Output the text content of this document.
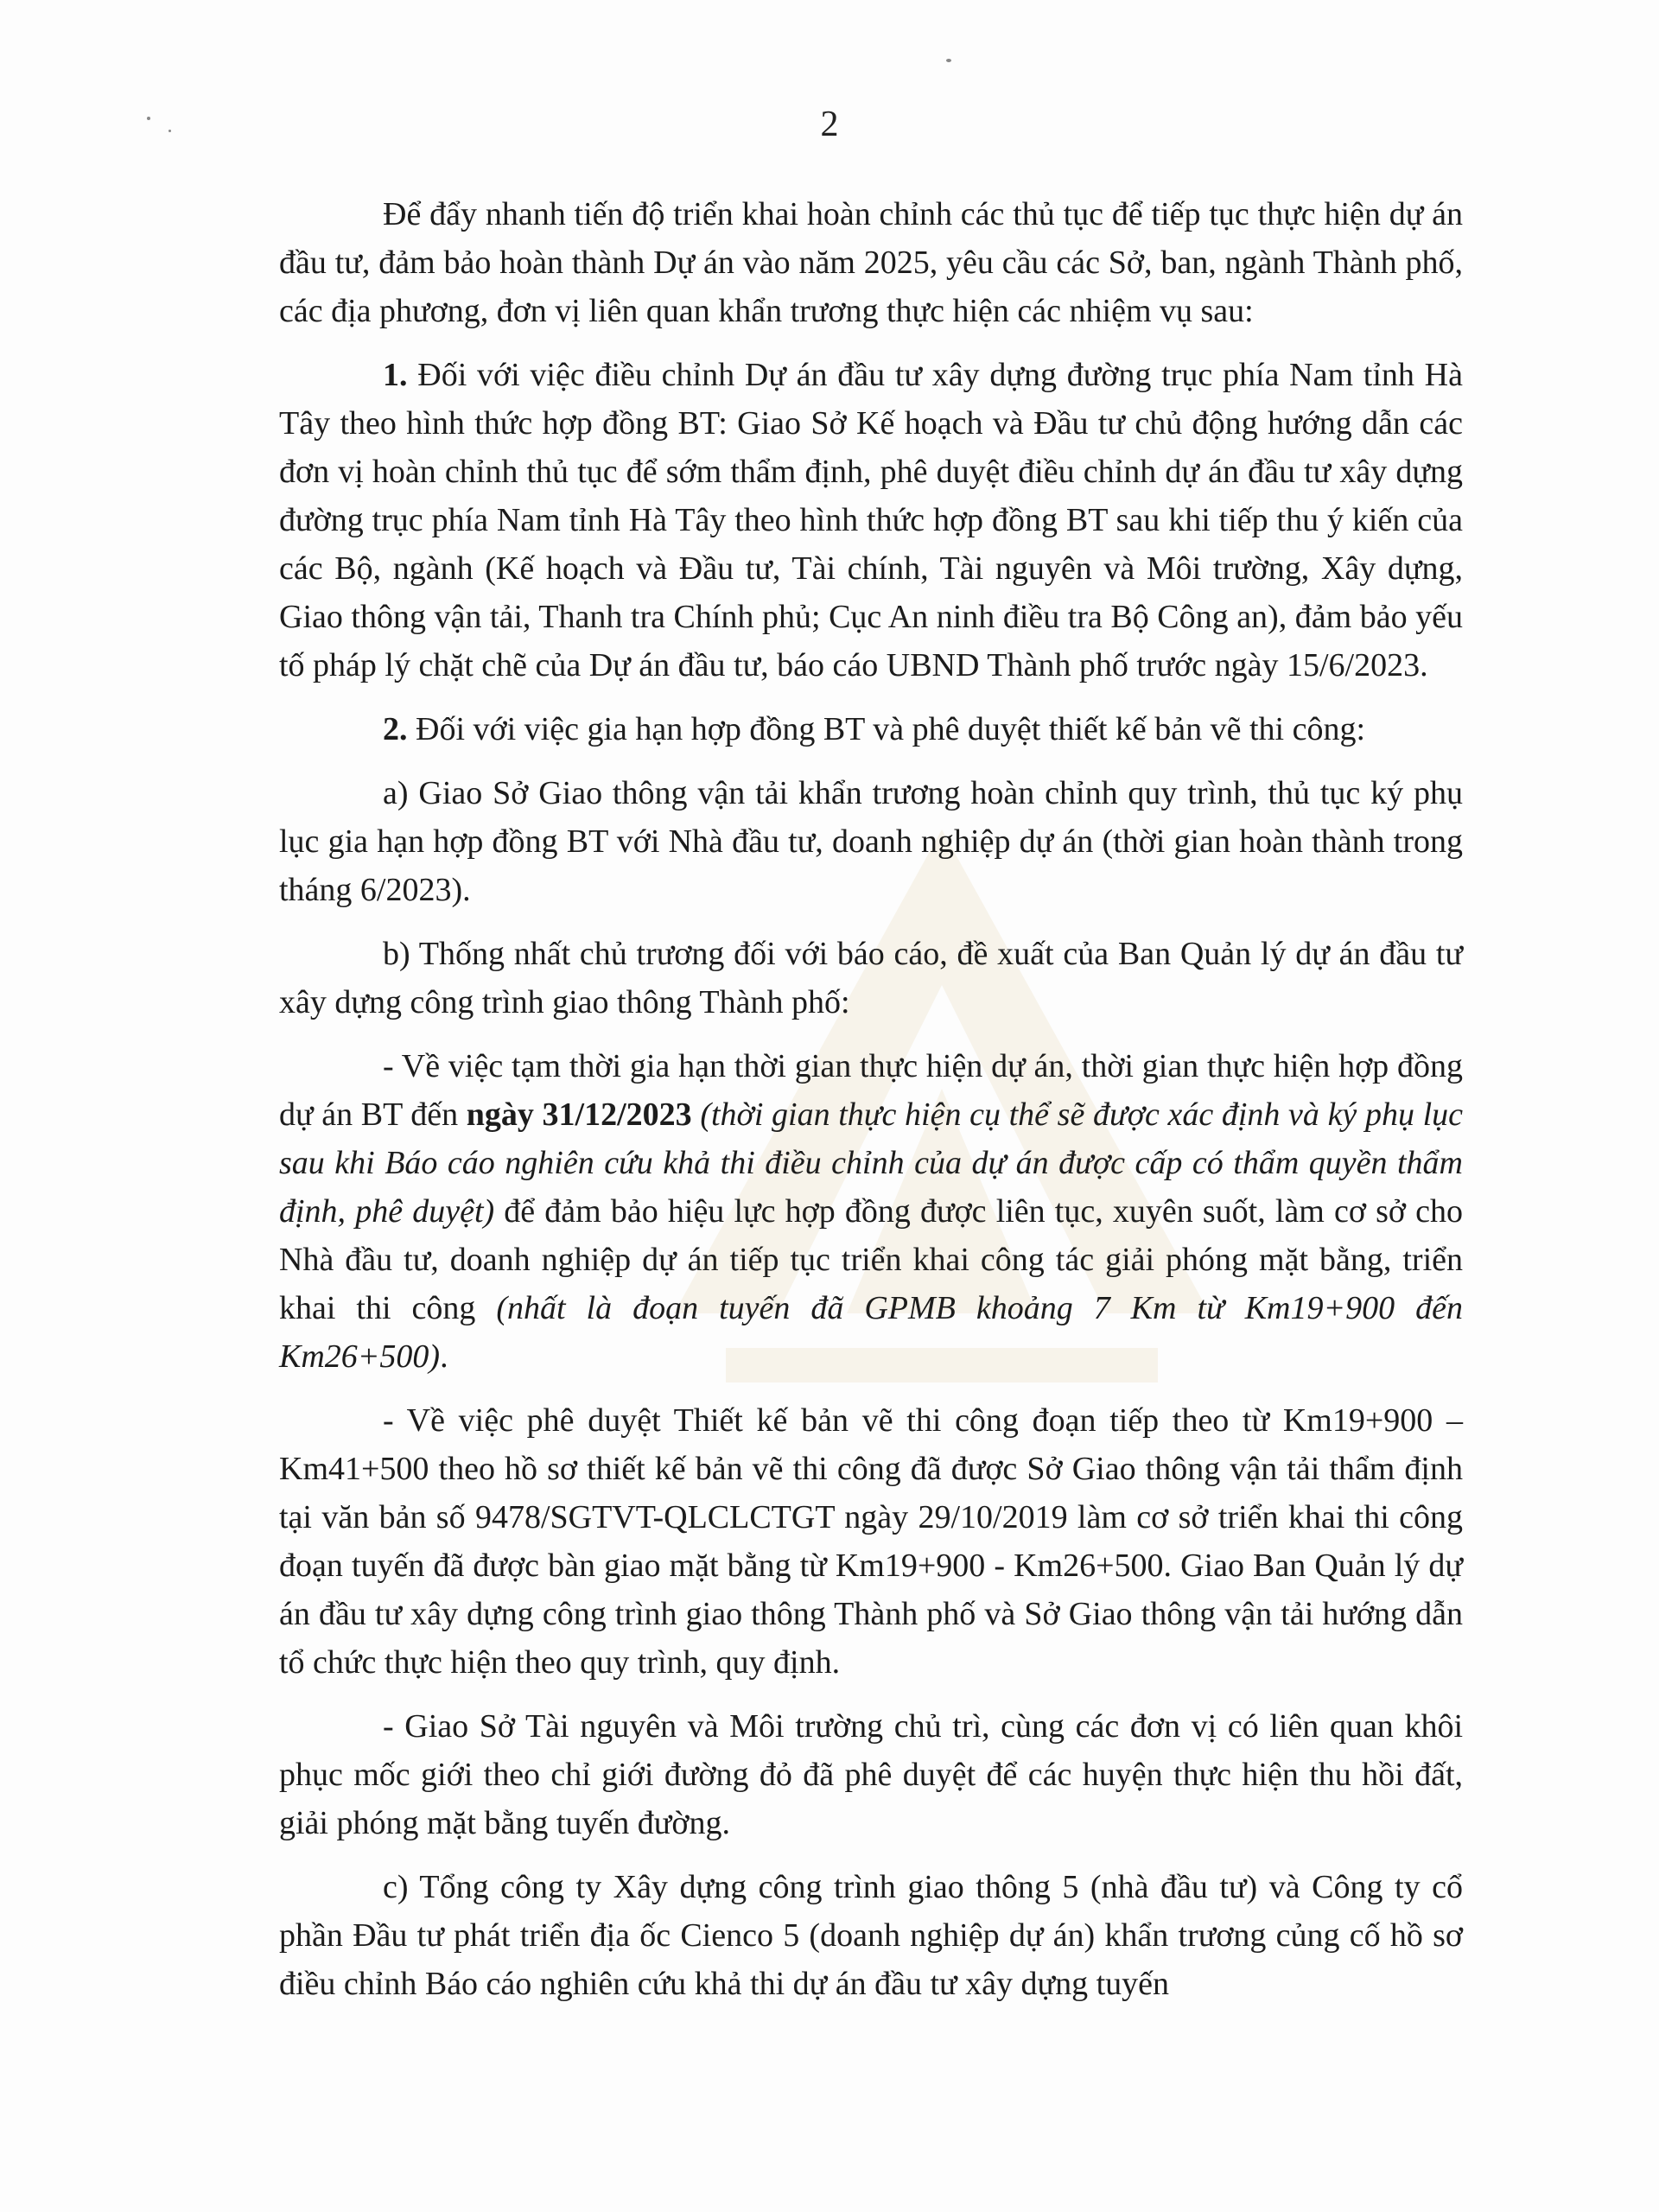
2

Để đẩy nhanh tiến độ triển khai hoàn chỉnh các thủ tục để tiếp tục thực hiện dự án đầu tư, đảm bảo hoàn thành Dự án vào năm 2025, yêu cầu các Sở, ban, ngành Thành phố, các địa phương, đơn vị liên quan khẩn trương thực hiện các nhiệm vụ sau:

1. Đối với việc điều chỉnh Dự án đầu tư xây dựng đường trục phía Nam tỉnh Hà Tây theo hình thức hợp đồng BT: Giao Sở Kế hoạch và Đầu tư chủ động hướng dẫn các đơn vị hoàn chỉnh thủ tục để sớm thẩm định, phê duyệt điều chỉnh dự án đầu tư xây dựng đường trục phía Nam tỉnh Hà Tây theo hình thức hợp đồng BT sau khi tiếp thu ý kiến của các Bộ, ngành (Kế hoạch và Đầu tư, Tài chính, Tài nguyên và Môi trường, Xây dựng, Giao thông vận tải, Thanh tra Chính phủ; Cục An ninh điều tra Bộ Công an), đảm bảo yếu tố pháp lý chặt chẽ của Dự án đầu tư, báo cáo UBND Thành phố trước ngày 15/6/2023.

2. Đối với việc gia hạn hợp đồng BT và phê duyệt thiết kế bản vẽ thi công:

a) Giao Sở Giao thông vận tải khẩn trương hoàn chỉnh quy trình, thủ tục ký phụ lục gia hạn hợp đồng BT với Nhà đầu tư, doanh nghiệp dự án (thời gian hoàn thành trong tháng 6/2023).

b) Thống nhất chủ trương đối với báo cáo, đề xuất của Ban Quản lý dự án đầu tư xây dựng công trình giao thông Thành phố:

- Về việc tạm thời gia hạn thời gian thực hiện dự án, thời gian thực hiện hợp đồng dự án BT đến ngày 31/12/2023 (thời gian thực hiện cụ thể sẽ được xác định và ký phụ lục sau khi Báo cáo nghiên cứu khả thi điều chỉnh của dự án được cấp có thẩm quyền thẩm định, phê duyệt) để đảm bảo hiệu lực hợp đồng được liên tục, xuyên suốt, làm cơ sở cho Nhà đầu tư, doanh nghiệp dự án tiếp tục triển khai công tác giải phóng mặt bằng, triển khai thi công (nhất là đoạn tuyến đã GPMB khoảng 7 Km từ Km19+900 đến Km26+500).

- Về việc phê duyệt Thiết kế bản vẽ thi công đoạn tiếp theo từ Km19+900 – Km41+500 theo hồ sơ thiết kế bản vẽ thi công đã được Sở Giao thông vận tải thẩm định tại văn bản số 9478/SGTVT-QLCLCTGT ngày 29/10/2019 làm cơ sở triển khai thi công đoạn tuyến đã được bàn giao mặt bằng từ Km19+900 - Km26+500. Giao Ban Quản lý dự án đầu tư xây dựng công trình giao thông Thành phố và Sở Giao thông vận tải hướng dẫn tổ chức thực hiện theo quy trình, quy định.

- Giao Sở Tài nguyên và Môi trường chủ trì, cùng các đơn vị có liên quan khôi phục mốc giới theo chỉ giới đường đỏ đã phê duyệt để các huyện thực hiện thu hồi đất, giải phóng mặt bằng tuyến đường.

c) Tổng công ty Xây dựng công trình giao thông 5 (nhà đầu tư) và Công ty cổ phần Đầu tư phát triển địa ốc Cienco 5 (doanh nghiệp dự án) khẩn trương củng cố hồ sơ điều chỉnh Báo cáo nghiên cứu khả thi dự án đầu tư xây dựng tuyến
